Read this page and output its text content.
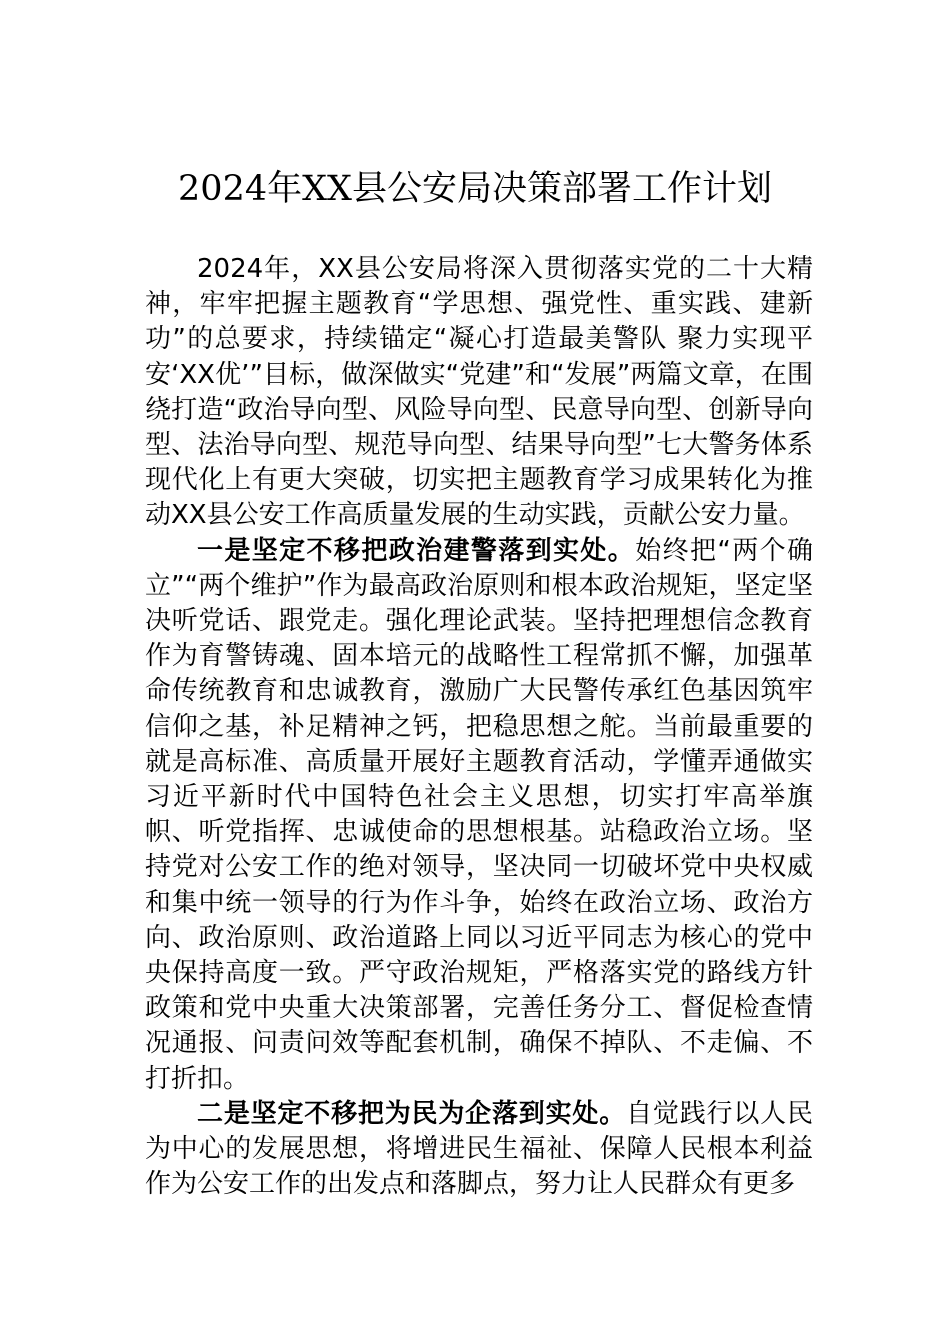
2024年XX县公安局决策部署工作计划

2024年，XX县公安局将深入贯彻落实党的二十大精神，牢牢把握主题教育“学思想、强党性、重实践、建新功”的总要求，持续锚定“凝心打造最美警队 聚力实现平安‘XX优’”目标，做深做实“党建”和“发展”两篇文章，在围绕打造“政治导向型、风险导向型、民意导向型、创新导向型、法治导向型、规范导向型、结果导向型”七大警务体系现代化上有更大突破，切实把主题教育学习成果转化为推动XX县公安工作高质量发展的生动实践，贡献公安力量。

一是坚定不移把政治建警落到实处。始终把“两个确立”“两个维护”作为最高政治原则和根本政治规矩，坚定坚决听党话、跟党走。强化理论武装。坚持把理想信念教育作为育警铸魂、固本培元的战略性工程常抓不懈，加强革命传统教育和忠诚教育，激励广大民警传承红色基因筑牢信仰之基，补足精神之钙，把稳思想之舵。当前最重要的就是高标准、高质量开展好主题教育活动，学懂弄通做实习近平新时代中国特色社会主义思想，切实打牢高举旗帜、听党指挥、忠诚使命的思想根基。站稳政治立场。坚持党对公安工作的绝对领导，坚决同一切破坏党中央权威和集中统一领导的行为作斗争，始终在政治立场、政治方向、政治原则、政治道路上同以习近平同志为核心的党中央保持高度一致。严守政治规矩，严格落实党的路线方针政策和党中央重大决策部署，完善任务分工、督促检查情况通报、问责问效等配套机制，确保不掉队、不走偏、不打折扣。

二是坚定不移把为民为企落到实处。自觉践行以人民为中心的发展思想，将增进民生福祉、保障人民根本利益作为公安工作的出发点和落脚点，努力让人民群众有更多
